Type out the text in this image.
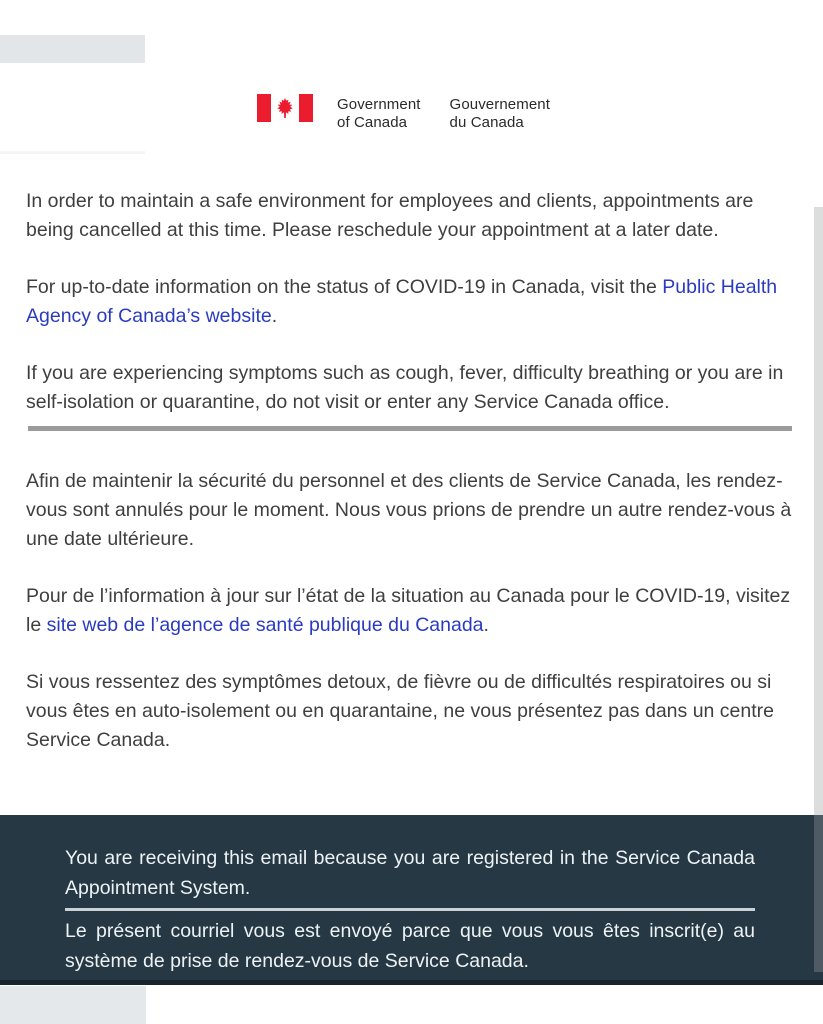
Government
of Canada
Gouvernement
du Canada

In order to maintain a safe environment for employees and clients, appointments are being cancelled at this time. Please reschedule your appointment at a later date.

For up-to-date information on the status of COVID-19 in Canada, visit the Public Health Agency of Canada’s website.

If you are experiencing symptoms such as cough, fever, difficulty breathing or you are in self-isolation or quarantine, do not visit or enter any Service Canada office.

Afin de maintenir la sécurité du personnel et des clients de Service Canada, les rendez-vous sont annulés pour le moment. Nous vous prions de prendre un autre rendez-vous à une date ultérieure.

Pour de l’information à jour sur l’état de la situation au Canada pour le COVID-19, visitez le site web de l’agence de santé publique du Canada.

Si vous ressentez des symptômes detoux, de fièvre ou de difficultés respiratoires ou si vous êtes en auto-isolement ou en quarantaine, ne vous présentez pas dans un centre Service Canada.

You are receiving this email because you are registered in the Service Canada Appointment System.

Le présent courriel vous est envoyé parce que vous vous êtes inscrit(e) au système de prise de rendez-vous de Service Canada.
